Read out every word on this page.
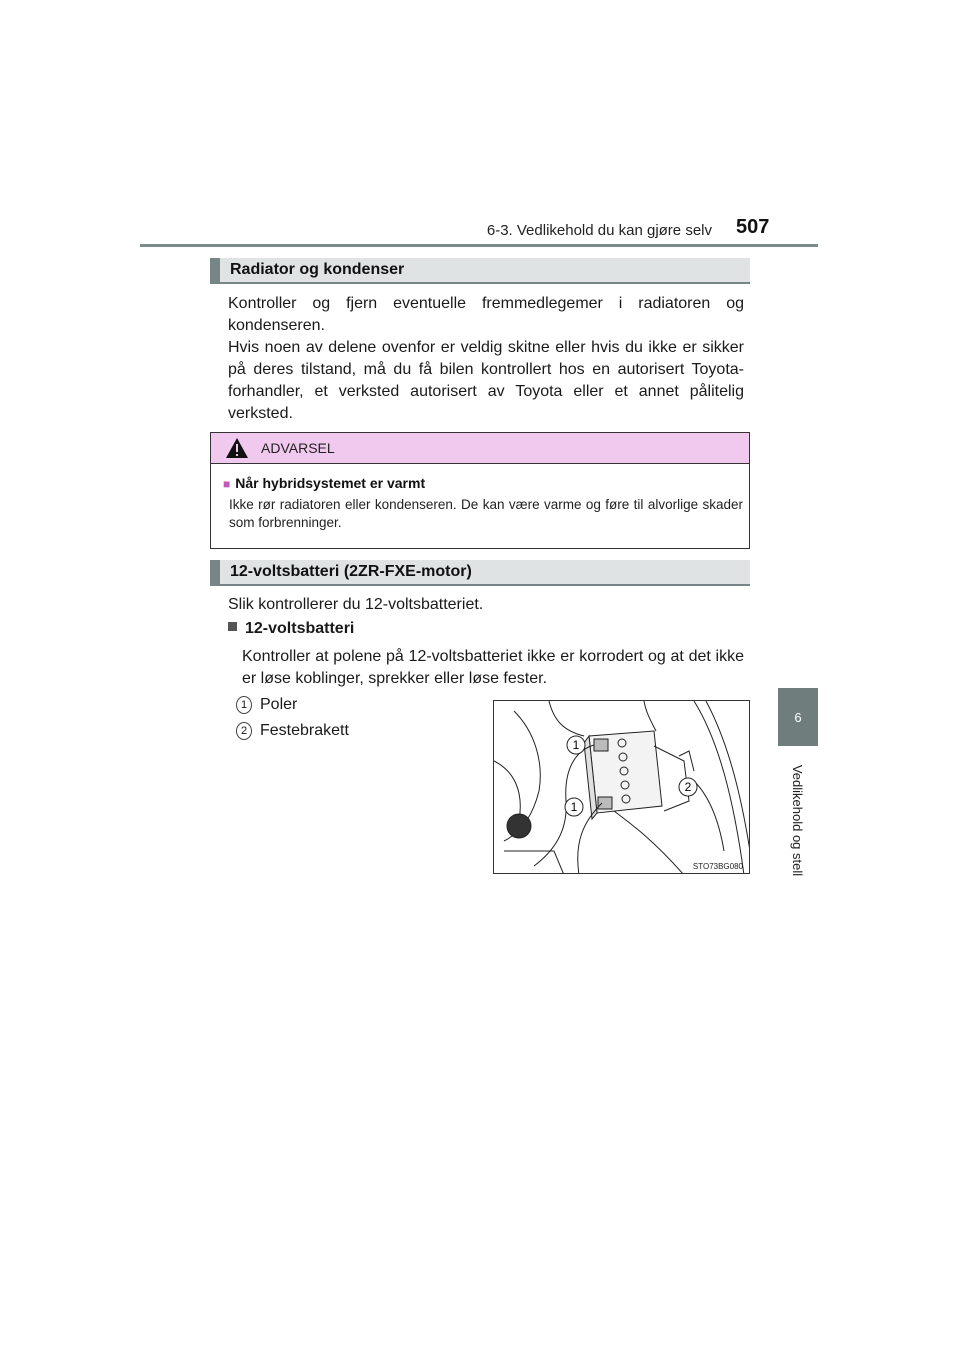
6-3. Vedlikehold du kan gjøre selv 507
6
Vedlikehold og stell
Radiator og kondenser
Kontroller og fjern eventuelle fremmedlegemer i radiatoren og kondenseren.
Hvis noen av delene ovenfor er veldig skitne eller hvis du ikke er sikker på deres tilstand, må du få bilen kontrollert hos en autorisert Toyota-forhandler, et verksted autorisert av Toyota eller et annet pålitelig verksted.
ADVARSEL
■ Når hybridsystemet er varmt
Ikke rør radiatoren eller kondenseren. De kan være varme og føre til alvorlige skader som forbrenninger.
12-voltsbatteri (2ZR-FXE-motor)
Slik kontrollerer du 12-voltsbatteriet.
12-voltsbatteri
Kontroller at polene på 12-voltsbatteriet ikke er korrodert og at det ikke er løse koblinger, sprekker eller løse fester.
1 Poler
2 Festebrakett
1
1
2
STO73BG080
